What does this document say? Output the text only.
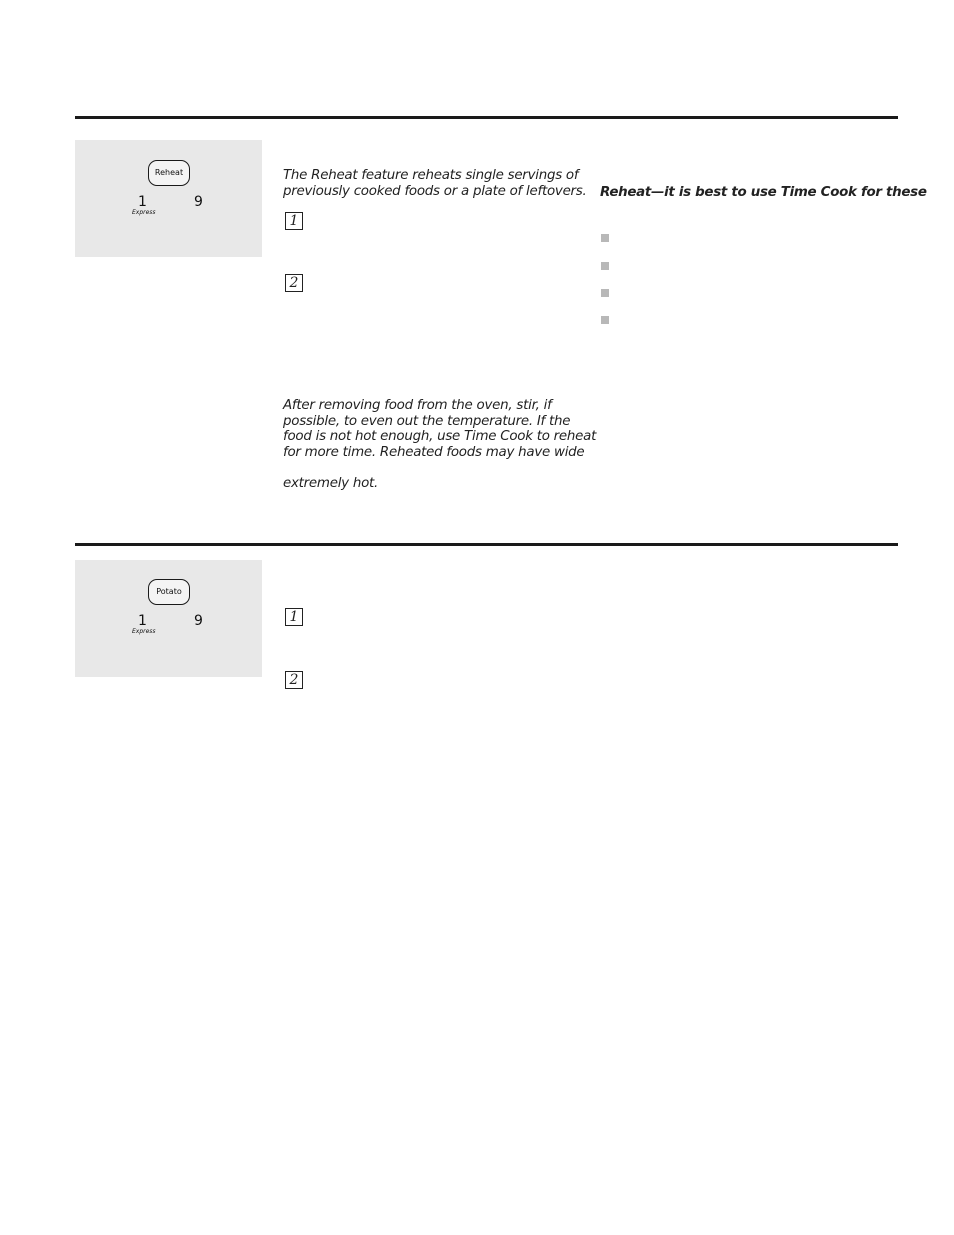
Reheat
1
Express
9

The Reheat feature reheats single servings of
previously cooked foods or a plate of leftovers.

1
2

After removing food from the oven, stir, if
possible, to even out the temperature. If the
food is not hot enough, use Time Cook to reheat
for more time. Reheated foods may have wide

extremely hot.

Reheat—it is best to use Time Cook for these

Potato
1
Express
9	1
2
